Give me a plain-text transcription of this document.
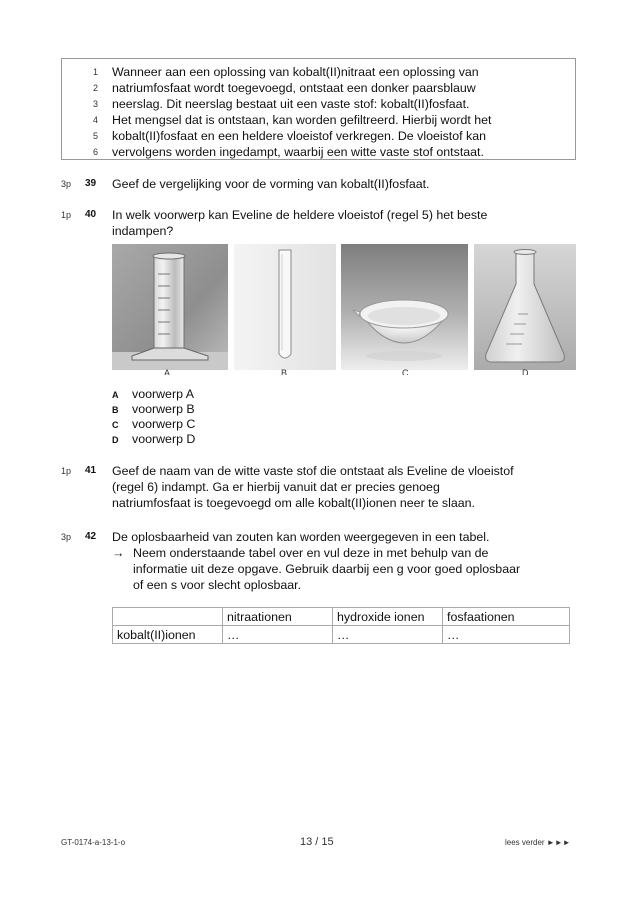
1 Wanneer aan een oplossing van kobalt(II)nitraat een oplossing van
2 natriumfosfaat wordt toegevoegd, ontstaat een donker paarsblauw
3 neerslag. Dit neerslag bestaat uit een vaste stof: kobalt(II)fosfaat.
4 Het mengsel dat is ontstaan, kan worden gefiltreerd. Hierbij wordt het
5 kobalt(II)fosfaat en een heldere vloeistof verkregen. De vloeistof kan
6 vervolgens worden ingedampt, waarbij een witte vaste stof ontstaat.
3p 39 Geef de vergelijking voor de vorming van kobalt(II)fosfaat.
1p 40 In welk voorwerp kan Eveline de heldere vloeistof (regel 5) het beste
indampen?
A	B	C	D
A voorwerp A
B voorwerp B
C voorwerp C
D voorwerp D
1p 41 Geef de naam van de witte vaste stof die ontstaat als Eveline de vloeistof
(regel 6) indampt. Ga er hierbij vanuit dat er precies genoeg
natriumfosfaat is toegevoegd om alle kobalt(II)ionen neer te slaan.
3p 42 De oplosbaarheid van zouten kan worden weergegeven in een tabel.
→ Neem onderstaande tabel over en vul deze in met behulp van de
informatie uit deze opgave. Gebruik daarbij een g voor goed oplosbaar
of een s voor slecht oplosbaar.
	nitraationen	hydroxide ionen	fosfaationen
kobalt(II)ionen	…	…	…
GT-0174-a-13-1-o	13 / 15	lees verder ►►►
